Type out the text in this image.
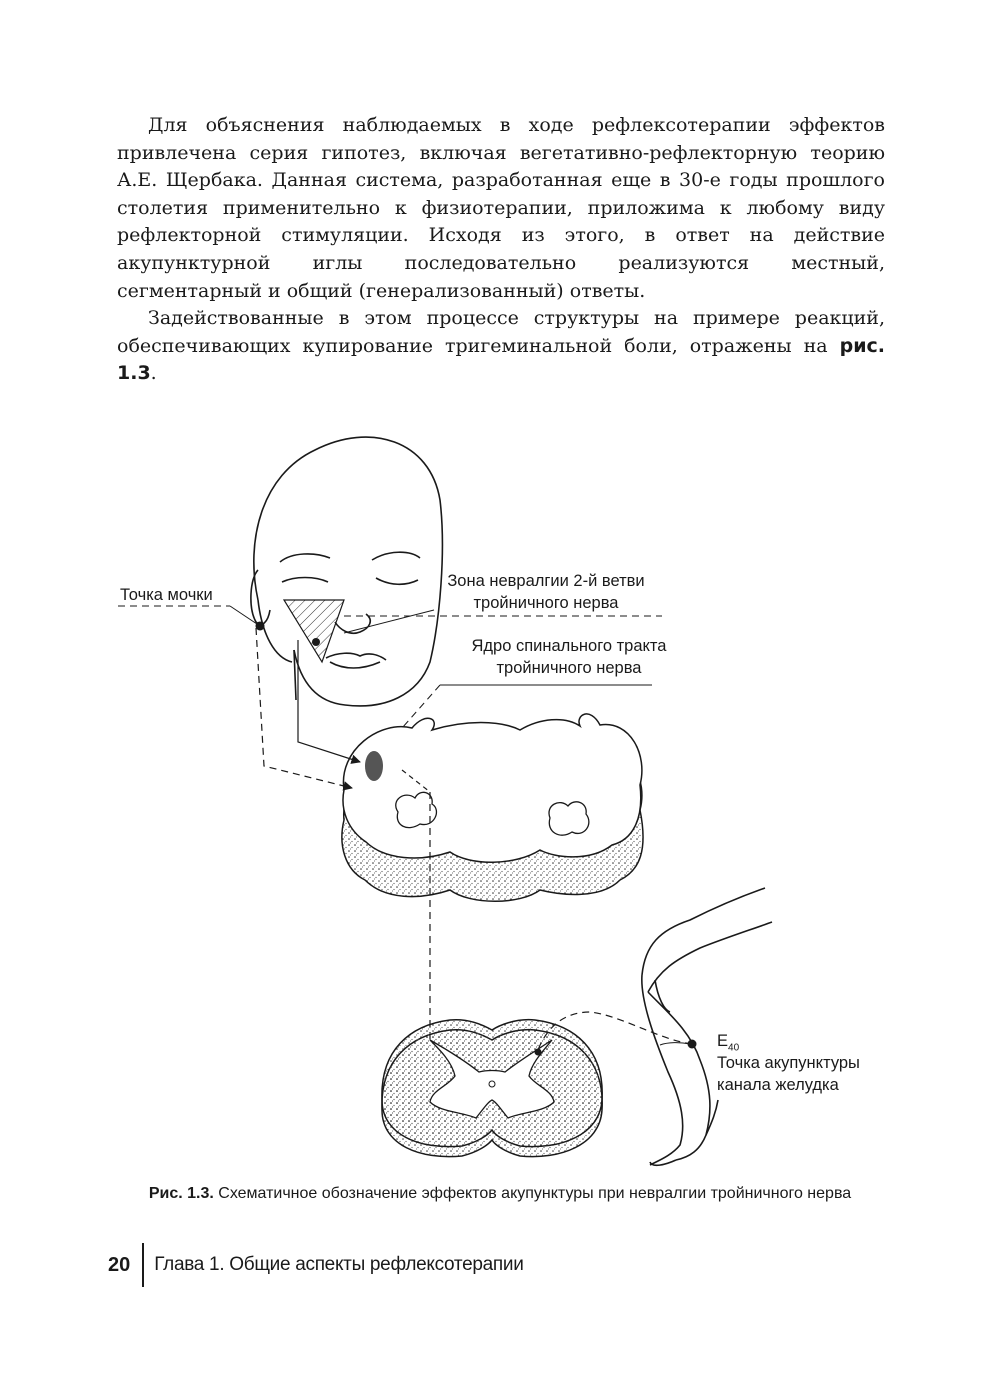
Для объяснения наблюдаемых в ходе рефлексотерапии эффектов привлечена серия гипотез, включая вегетативно-рефлекторную теорию А.Е. Щербака. Данная система, разработанная еще в 30-е годы прошлого столетия применительно к физиотерапии, приложима к любому виду рефлекторной стимуляции. Исходя из этого, в ответ на действие акупунктурной иглы последовательно реализуются местный, сегментарный и общий (генерализованный) ответы.

Задействованные в этом процессе структуры на примере реакций, обеспечивающих купирование тригеминальной боли, отражены на рис. 1.3.

Точка мочки
Зона невралгии 2-й ветви
тройничного нерва
Ядро спинального тракта
тройничного нерва
$E_{40}$
Точка акупунктуры
канала желудка
Рис. 1.3. Схематичное обозначение эффектов акупунктуры при невралгии тройничного нерва
20 Глава 1. Общие аспекты рефлексотерапии
